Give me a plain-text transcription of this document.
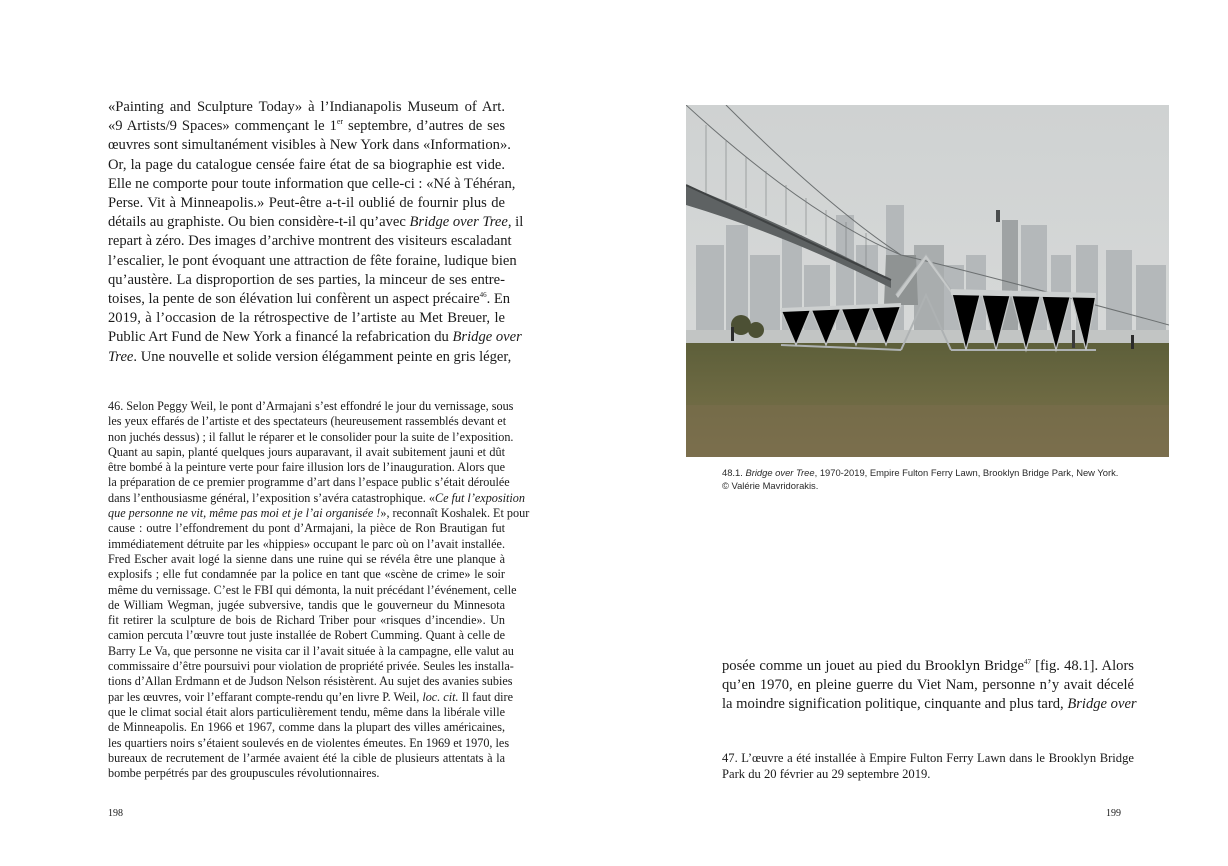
«Painting and Sculpture Today» à l’Indianapolis Museum of Art.
«9 Artists/9 Spaces» commençant le 1er septembre, d’autres de ses
œuvres sont simultanément visibles à New York dans «Information».
Or, la page du catalogue censée faire état de sa biographie est vide.
Elle ne comporte pour toute information que celle-ci : «Né à Téhéran,
Perse. Vit à Minneapolis.» Peut-être a-t-il oublié de fournir plus de
détails au graphiste. Ou bien considère-t-il qu’avec Bridge over Tree, il
repart à zéro. Des images d’archive montrent des visiteurs escaladant
l’escalier, le pont évoquant une attraction de fête foraine, ludique bien
qu’austère. La disproportion de ses parties, la minceur de ses entre-
toises, la pente de son élévation lui confèrent un aspect précaire$^{46}$. En
2019, à l’occasion de la rétrospective de l’artiste au Met Breuer, le
Public Art Fund de New York a financé la refabrication du Bridge over
Tree. Une nouvelle et solide version élégamment peinte en gris léger,
46. Selon Peggy Weil, le pont d’Armajani s’est effondré le jour du vernissage, sous
les yeux effarés de l’artiste et des spectateurs (heureusement rassemblés devant et
non juchés dessus) ; il fallut le réparer et le consolider pour la suite de l’exposition.
Quant au sapin, planté quelques jours auparavant, il avait subitement jauni et dût
être bombé à la peinture verte pour faire illusion lors de l’inauguration. Alors que
la préparation de ce premier programme d’art dans l’espace public s’était déroulée
dans l’enthousiasme général, l’exposition s’avéra catastrophique. «Ce fut l’exposition
que personne ne vit, même pas moi et je l’ai organisée !», reconnaît Koshalek. Et pour
cause : outre l’effondrement du pont d’Armajani, la pièce de Ron Brautigan fut
immédiatement détruite par les «hippies» occupant le parc où on l’avait installée.
Fred Escher avait logé la sienne dans une ruine qui se révéla être une planque à
explosifs ; elle fut condamnée par la police en tant que «scène de crime» le soir
même du vernissage. C’est le FBI qui démonta, la nuit précédant l’événement, celle
de William Wegman, jugée subversive, tandis que le gouverneur du Minnesota
fit retirer la sculpture de bois de Richard Triber pour «risques d’incendie». Un
camion percuta l’œuvre tout juste installée de Robert Cumming. Quant à celle de
Barry Le Va, que personne ne visita car il l’avait située à la campagne, elle valut au
commissaire d’être poursuivi pour violation de propriété privée. Seules les installa-
tions d’Allan Erdmann et de Judson Nelson résistèrent. Au sujet des avanies subies
par les œuvres, voir l’effarant compte-rendu qu’en livre P. Weil, loc. cit. Il faut dire
que le climat social était alors particulièrement tendu, même dans la libérale ville
de Minneapolis. En 1966 et 1967, comme dans la plupart des villes américaines,
les quartiers noirs s’étaient soulevés en de violentes émeutes. En 1969 et 1970, les
bureaux de recrutement de l’armée avaient été la cible de plusieurs attentats à la
bombe perpétrés par des groupuscules révolutionnaires.
198
48.1. Bridge over Tree, 1970-2019, Empire Fulton Ferry Lawn, Brooklyn Bridge Park, New York.
© Valérie Mavridorakis.
posée comme un jouet au pied du Brooklyn Bridge$^{47}$ [fig. 48.1]. Alors
qu’en 1970, en pleine guerre du Viet Nam, personne n’y avait décelé
la moindre signification politique, cinquante and plus tard, Bridge over
47. L’œuvre a été installée à Empire Fulton Ferry Lawn dans le Brooklyn Bridge
Park du 20 février au 29 septembre 2019.
199
